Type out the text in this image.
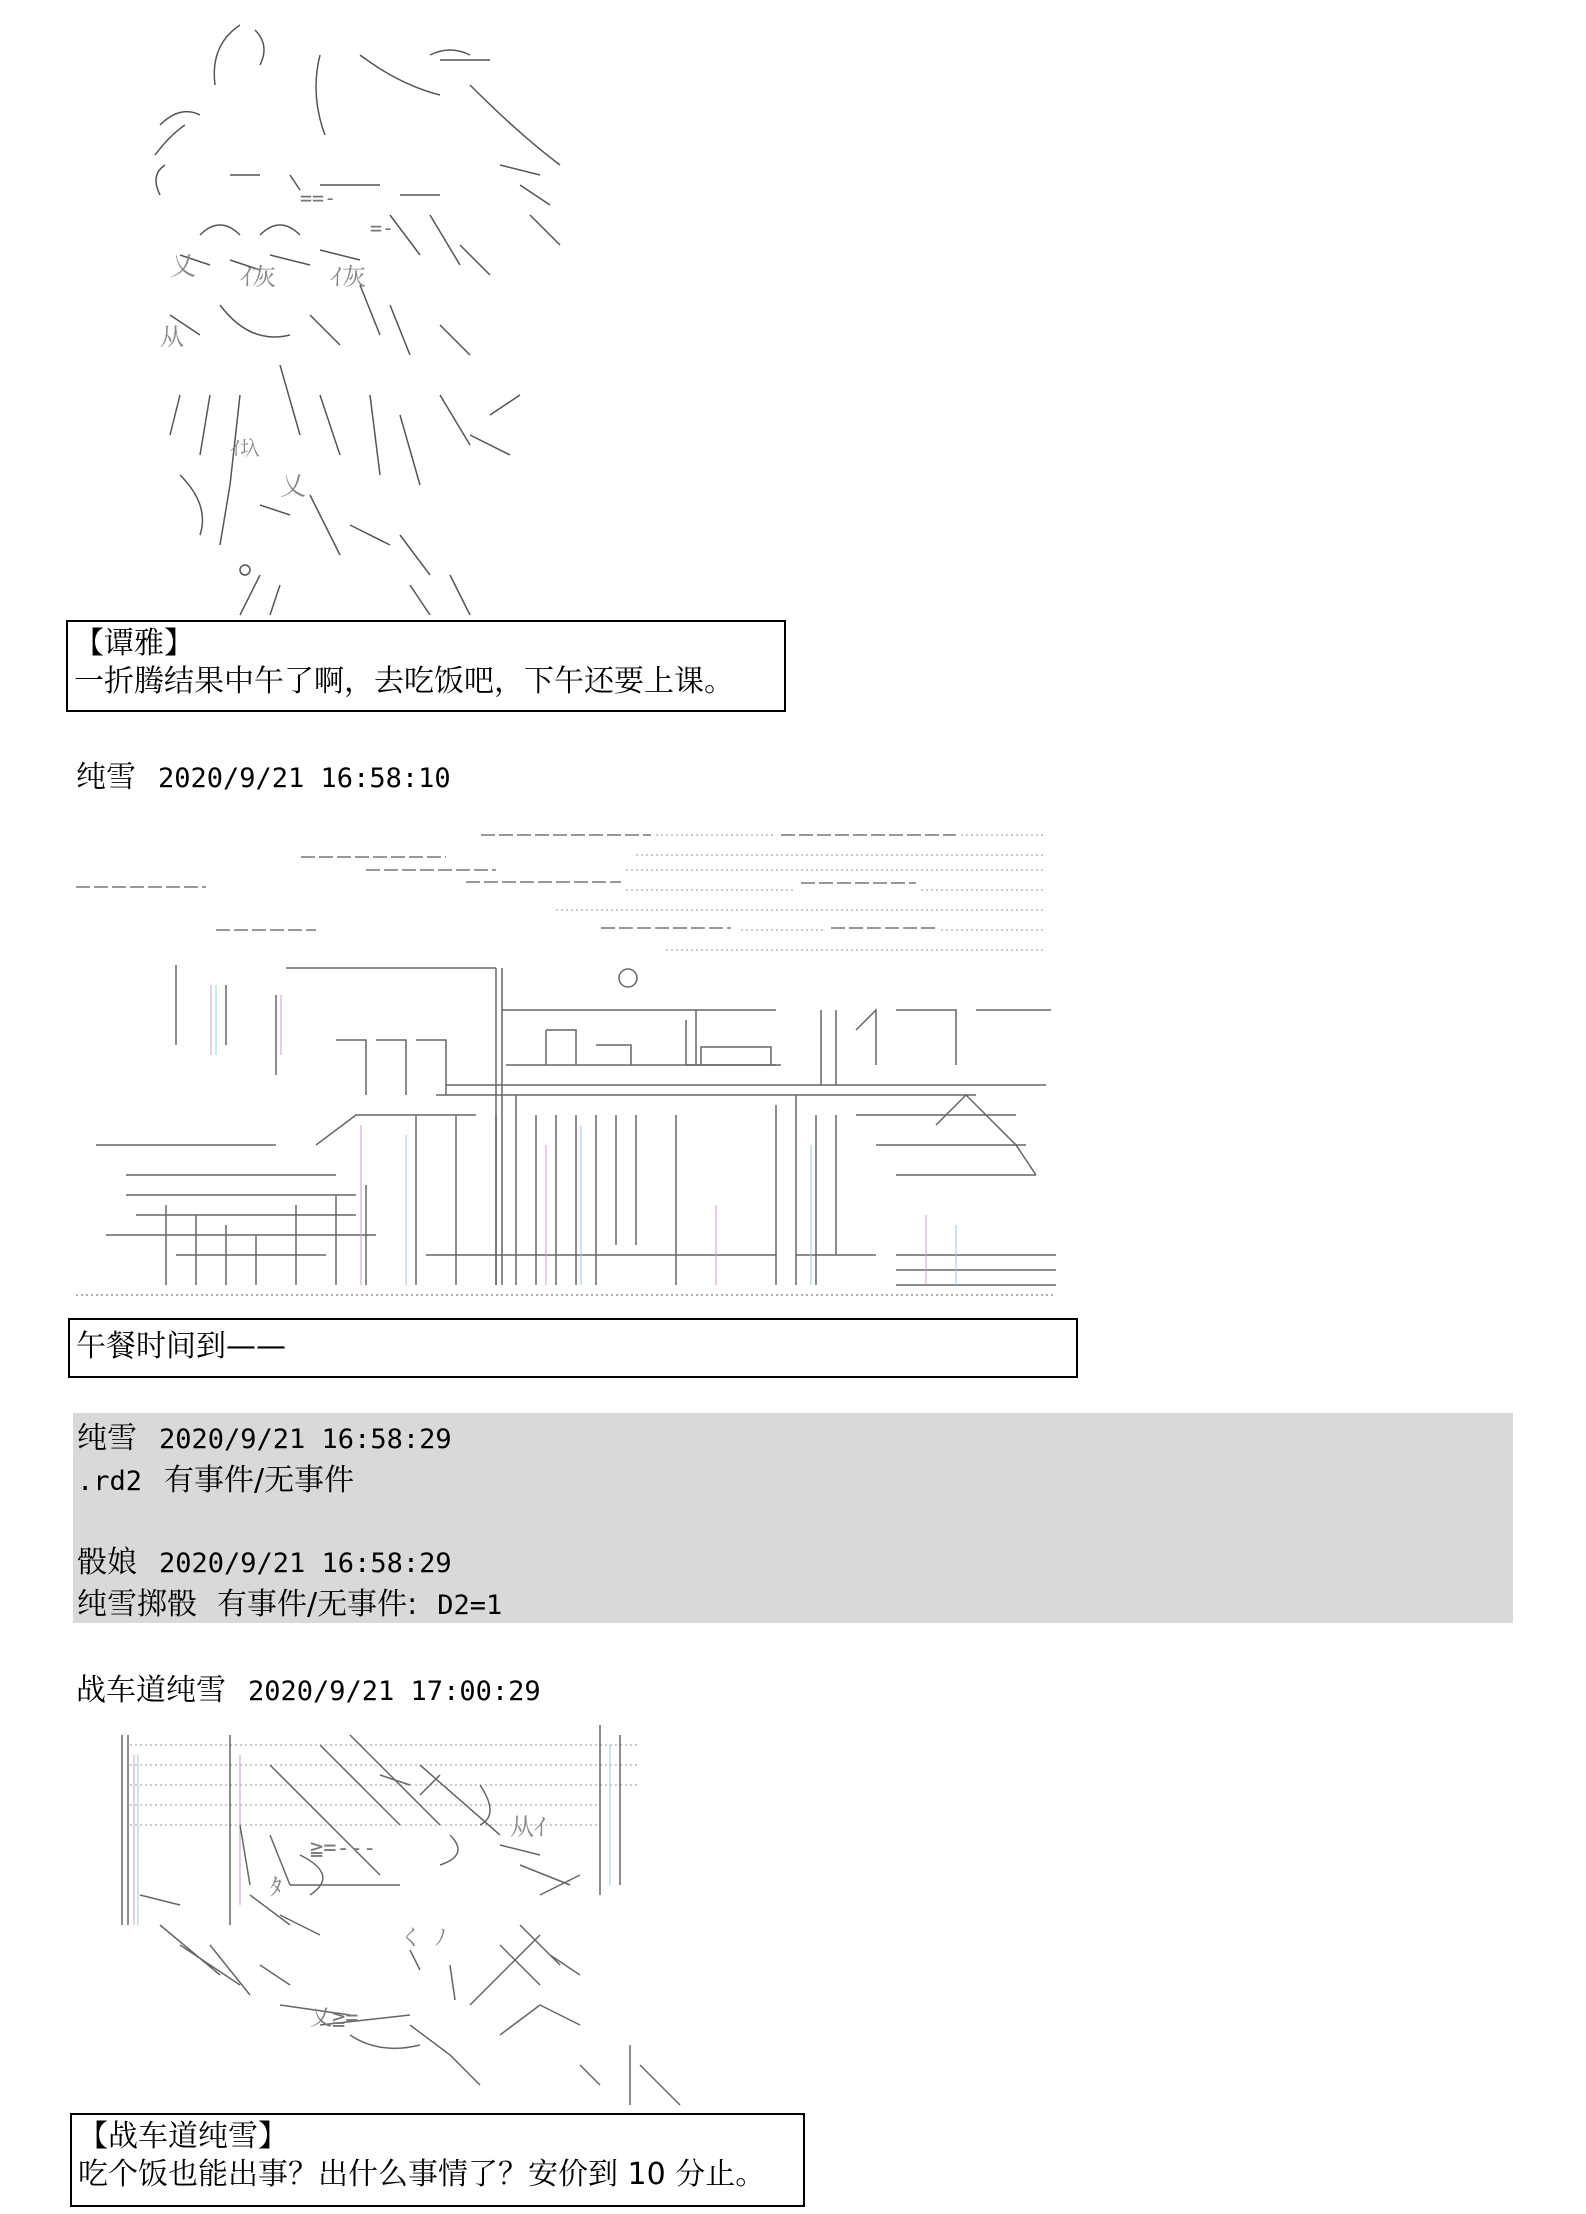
==-
=-
乂 ｲ灰 ｲ灰
从
乂
ｲ圦
【谭雅】
一折腾结果中午了啊，去吃饭吧，下午还要上课。
纯雪 2020/9/21 16:58:10
午餐时间到——
纯雪 2020/9/21 16:58:29
.rd2 有事件/无事件
骰娘 2020/9/21 16:58:29
纯雪掷骰 有事件/无事件: D2=1
战车道纯雪 2020/9/21 17:00:29
ﾀ
≧=---
乂≧=
从ｲ
く ﾉ
【战车道纯雪】
吃个饭也能出事？出什么事情了？安价到 10 分止。
